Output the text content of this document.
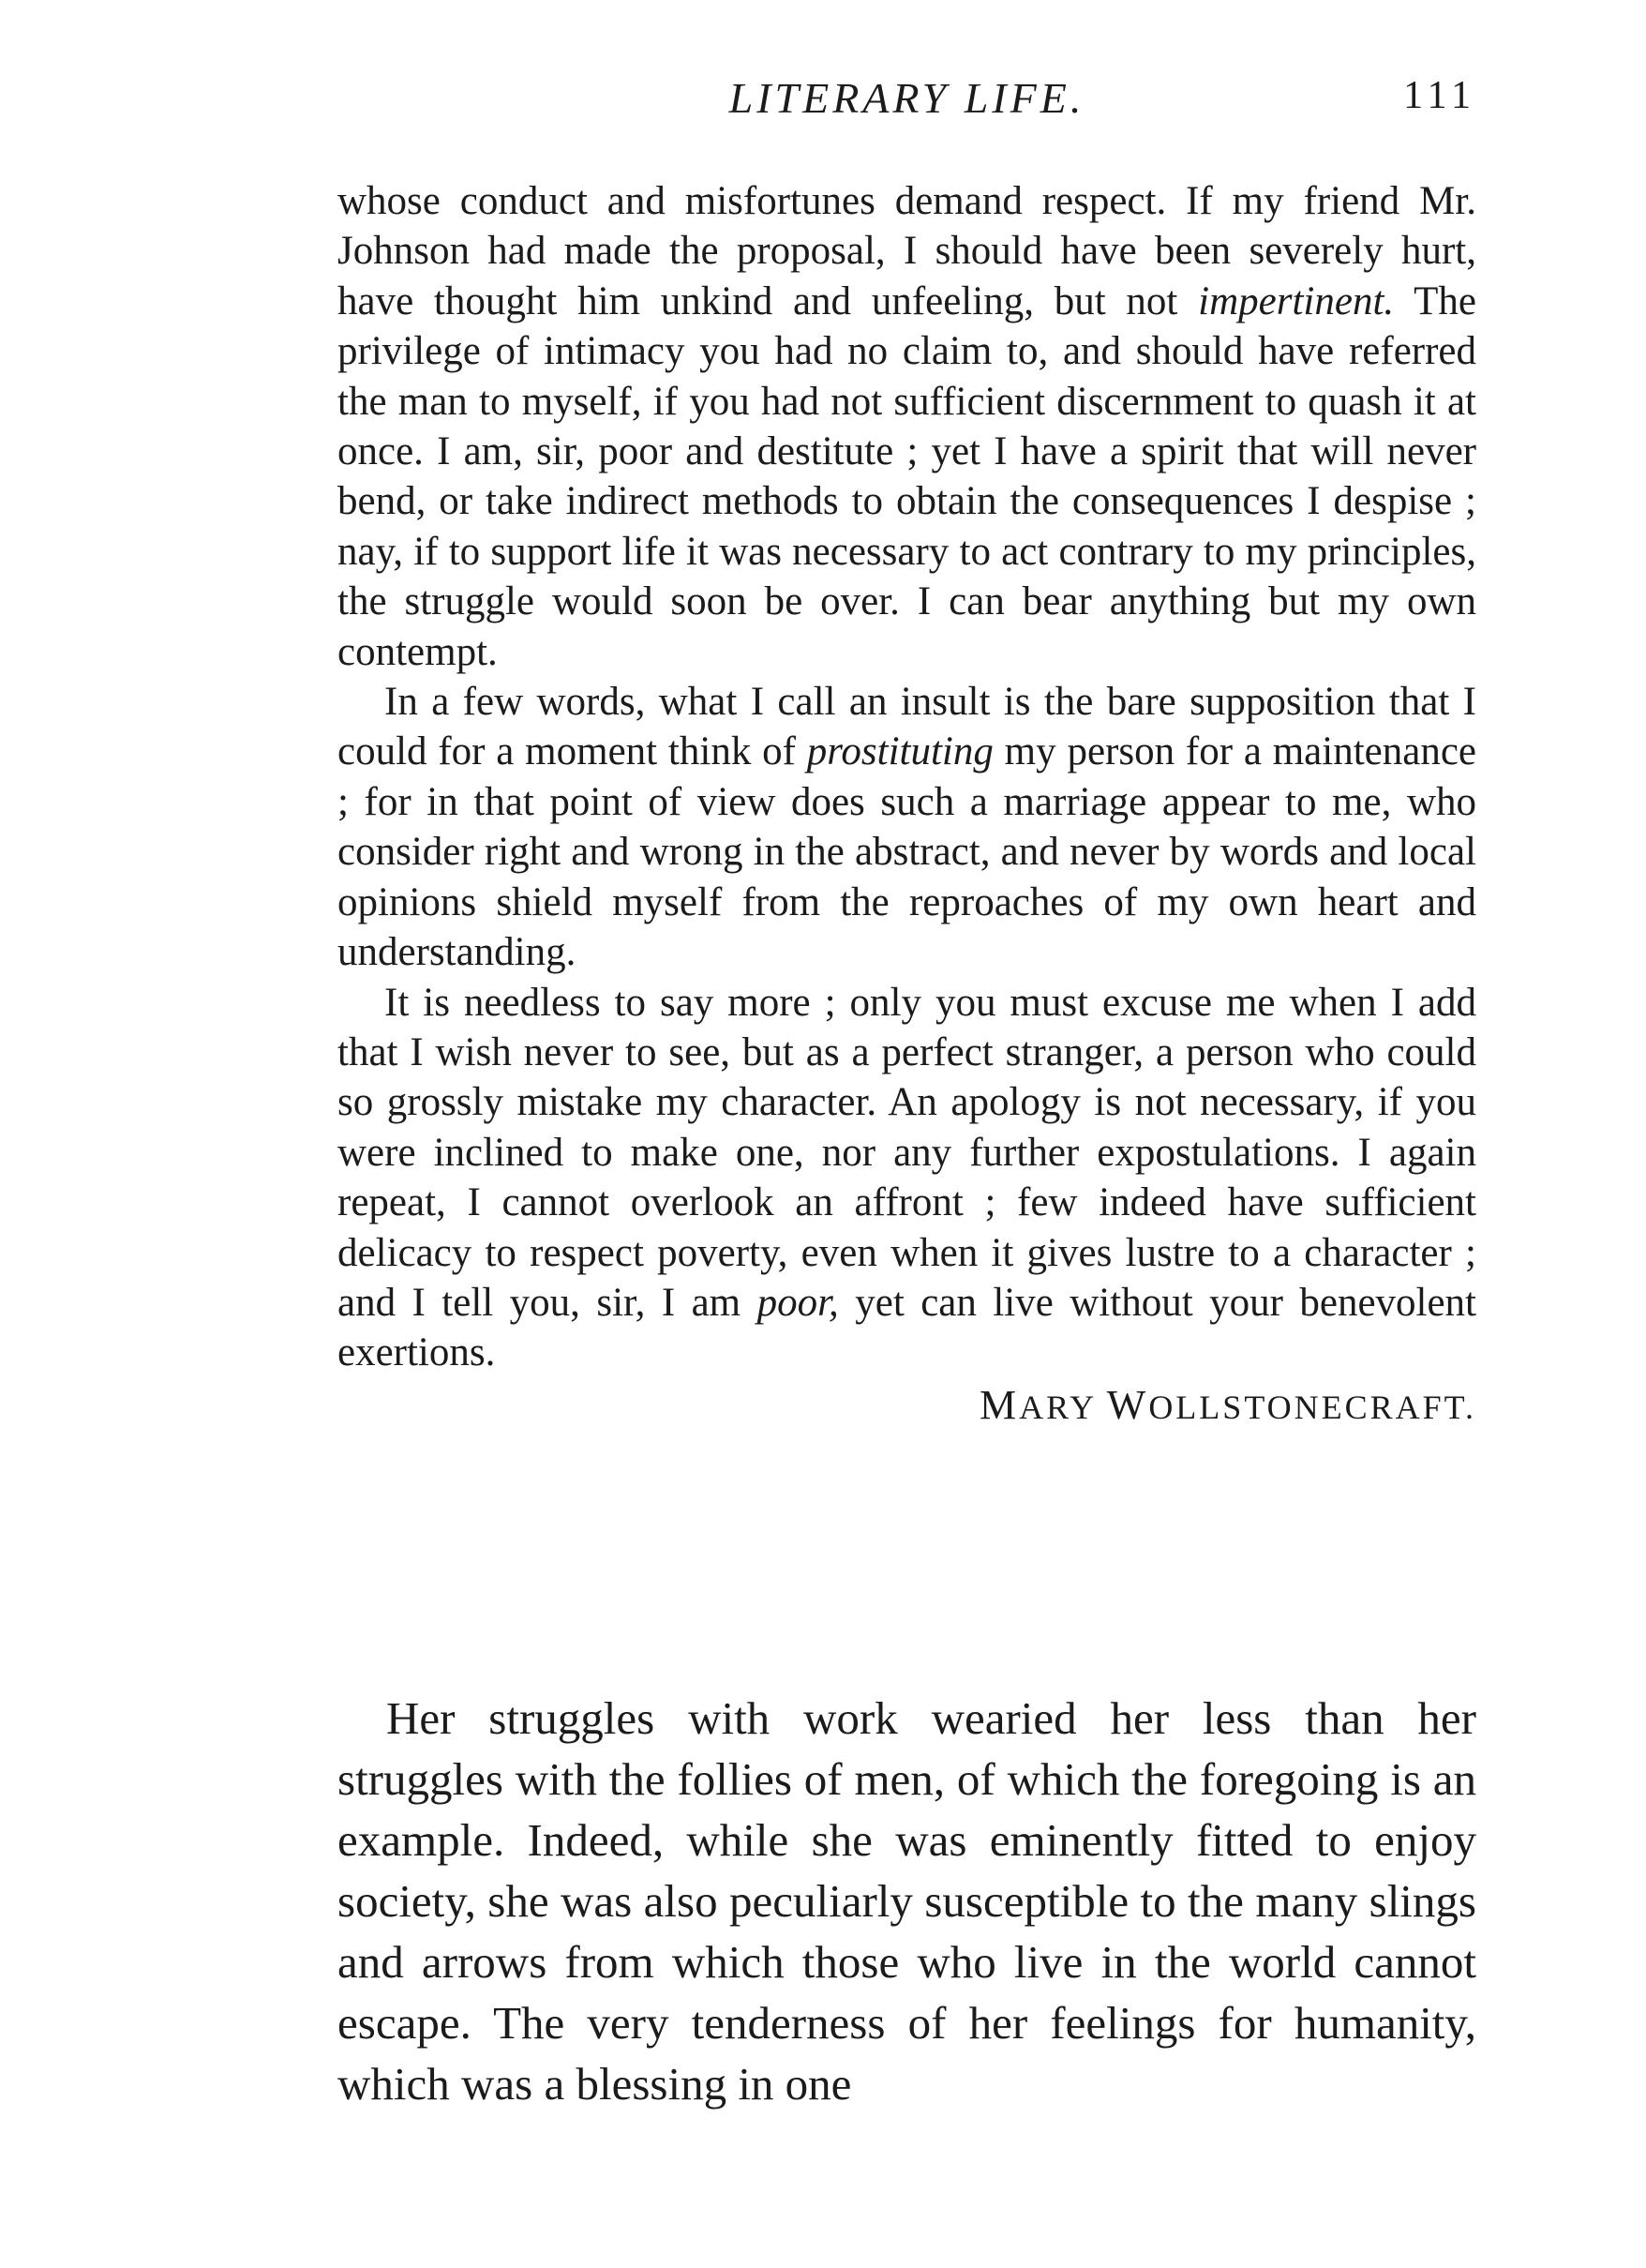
LITERARY LIFE.	111

whose conduct and misfortunes demand respect. If my friend Mr. Johnson had made the proposal, I should have been severely hurt, have thought him unkind and unfeeling, but not impertinent. The privilege of intimacy you had no claim to, and should have referred the man to myself, if you had not sufficient discernment to quash it at once. I am, sir, poor and destitute ; yet I have a spirit that will never bend, or take indirect methods to obtain the consequences I despise ; nay, if to support life it was necessary to act contrary to my principles, the struggle would soon be over. I can bear anything but my own contempt.

In a few words, what I call an insult is the bare supposition that I could for a moment think of prostituting my person for a maintenance ; for in that point of view does such a marriage appear to me, who consider right and wrong in the abstract, and never by words and local opinions shield myself from the reproaches of my own heart and understanding.

It is needless to say more ; only you must excuse me when I add that I wish never to see, but as a perfect stranger, a person who could so grossly mistake my character. An apology is not necessary, if you were inclined to make one, nor any further expostulations. I again repeat, I cannot overlook an affront ; few indeed have sufficient delicacy to respect poverty, even when it gives lustre to a character ; and I tell you, sir, I am poor, yet can live without your benevolent exertions.

MARY WOLLSTONECRAFT.

Her struggles with work wearied her less than her struggles with the follies of men, of which the foregoing is an example. Indeed, while she was eminently fitted to enjoy society, she was also peculiarly susceptible to the many slings and arrows from which those who live in the world cannot escape. The very tenderness of her feelings for humanity, which was a blessing in one
